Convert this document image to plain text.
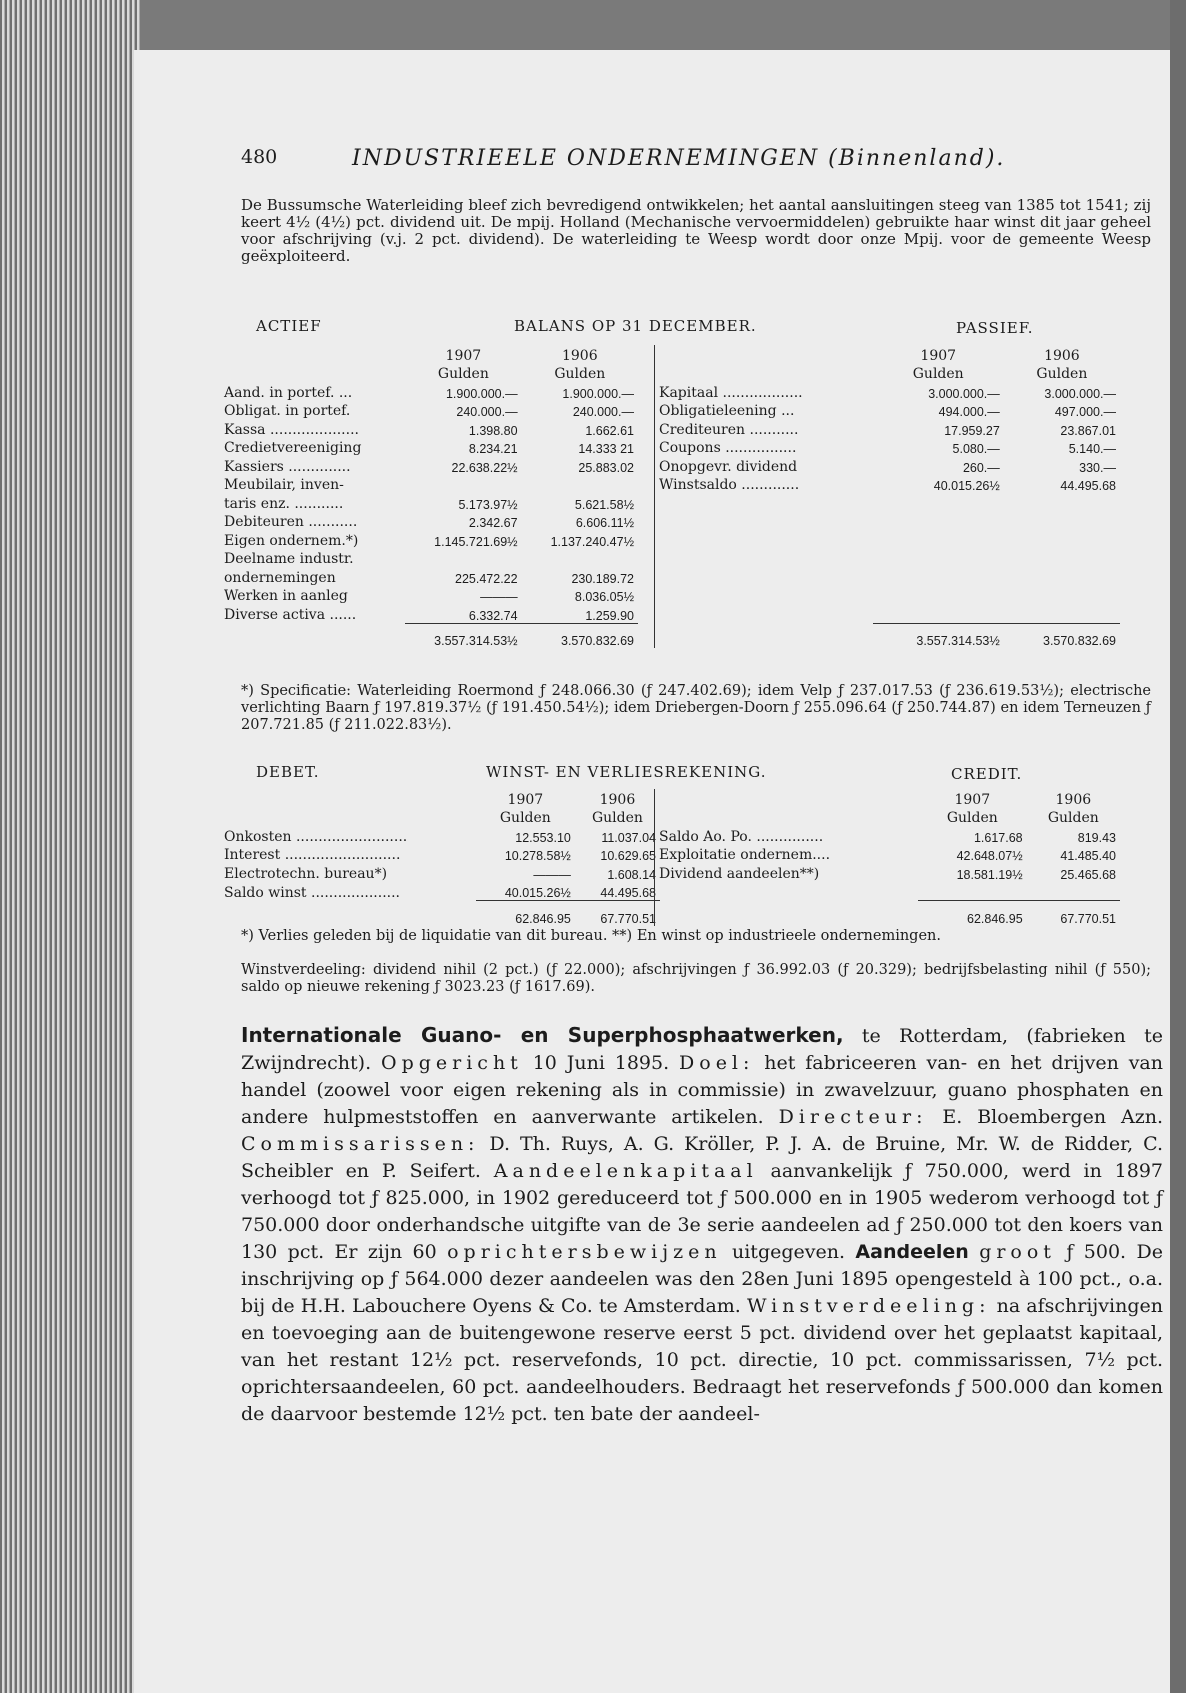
480	INDUSTRIEELE ONDERNEMINGEN (Binnenland).
De Bussumsche Waterleiding bleef zich bevredigend ontwikkelen; het aantal aansluitingen steeg van 1385 tot 1541; zij keert 4½ (4½) pct. dividend uit. De mpij. Holland (Mechanische vervoermiddelen) gebruikte haar winst dit jaar geheel voor afschrijving (v.j. 2 pct. dividend). De waterleiding te Weesp wordt door onze Mpij. voor de gemeente Weesp geëxploiteerd.
ACTIEF	BALANS OP 31 DECEMBER.	PASSIEF.
	1907	1906
	Gulden	Gulden
Aand. in portef. ...	1.900.000.—	1.900.000.—
Obligat. in portef.	240.000.—	240.000.—
Kassa ....................	1.398.80	1.662.61
Credietvereeniging	8.234.21	14.333 21
Kassiers ..............	22.638.22½	25.883.02
Meubilair, inven-		
taris enz. ...........	5.173.97½	5.621.58½
Debiteuren ...........	2.342.67	6.606.11½
Eigen ondernem.*)	1.145.721.69½	1.137.240.47½
Deelname industr.		
ondernemingen	225.472.22	230.189.72
Werken in aanleg	———	8.036.05½
Diverse activa ......	6.332.74	1.259.90
	3.557.314.53½	3.570.832.69
	1907	1906
	Gulden	Gulden
Kapitaal ..................	3.000.000.—	3.000.000.—
Obligatieleening ...	494.000.—	497.000.—
Crediteuren ...........	17.959.27	23.867.01
Coupons ................	5.080.—	5.140.—
Onopgevr. dividend	260.—	330.—
Winstsaldo .............	40.015.26½	44.495.68

	3.557.314.53½	3.570.832.69
*) Specificatie: Waterleiding Roermond ƒ 248.066.30 (ƒ 247.402.69); idem Velp ƒ 237.017.53 (ƒ 236.619.53½); electrische verlichting Baarn ƒ 197.819.37½ (ƒ 191.450.54½); idem Driebergen-Doorn ƒ 255.096.64 (ƒ 250.744.87) en idem Terneuzen ƒ 207.721.85 (ƒ 211.022.83½).
DEBET.	WINST- EN VERLIESREKENING.	CREDIT.
	1907	1906
	Gulden	Gulden
Onkosten .........................	12.553.10	11.037.04
Interest ..........................	10.278.58½	10.629.65
Electrotechn. bureau*)	———	1.608.14
Saldo winst ....................	40.015.26½	44.495.68
	62.846.95	67.770.51
	1907	1906
	Gulden	Gulden
Saldo Ao. Po. ...............	1.617.68	819.43
Exploitatie ondernem....	42.648.07½	41.485.40
Dividend aandeelen**)	18.581.19½	25.465.68

	62.846.95	67.770.51
*) Verlies geleden bij de liquidatie van dit bureau. **) En winst op industrieele ondernemingen.
Winstverdeeling: dividend nihil (2 pct.) (ƒ 22.000); afschrijvingen ƒ 36.992.03 (ƒ 20.329); bedrijfsbelasting nihil (ƒ 550); saldo op nieuwe rekening ƒ 3023.23 (ƒ 1617.69).
Internationale Guano- en Superphosphaatwerken, te Rotterdam, (fabrieken te Zwijndrecht). Opgericht 10 Juni 1895. Doel: het fabriceeren van- en het drijven van handel (zoowel voor eigen rekening als in commissie) in zwavelzuur, guano phosphaten en andere hulpmeststoffen en aanverwante artikelen. Directeur: E. Bloembergen Azn. Commissarissen: D. Th. Ruys, A. G. Kröller, P. J. A. de Bruine, Mr. W. de Ridder, C. Scheibler en P. Seifert. Aandeelenkapitaal aanvankelijk ƒ 750.000, werd in 1897 verhoogd tot ƒ 825.000, in 1902 gereduceerd tot ƒ 500.000 en in 1905 wederom verhoogd tot ƒ 750.000 door onderhandsche uitgifte van de 3e serie aandeelen ad ƒ 250.000 tot den koers van 130 pct. Er zijn 60 oprichtersbewijzen uitgegeven. Aandeelen groot ƒ 500. De inschrijving op ƒ 564.000 dezer aandeelen was den 28en Juni 1895 opengesteld à 100 pct., o.a. bij de H.H. Labouchere Oyens & Co. te Amsterdam. Winstverdeeling: na afschrijvingen en toevoeging aan de buitengewone reserve eerst 5 pct. dividend over het geplaatst kapitaal, van het restant 12½ pct. reservefonds, 10 pct. directie, 10 pct. commissarissen, 7½ pct. oprichtersaandeelen, 60 pct. aandeelhouders. Bedraagt het reservefonds ƒ 500.000 dan komen de daarvoor bestemde 12½ pct. ten bate der aandeel-
